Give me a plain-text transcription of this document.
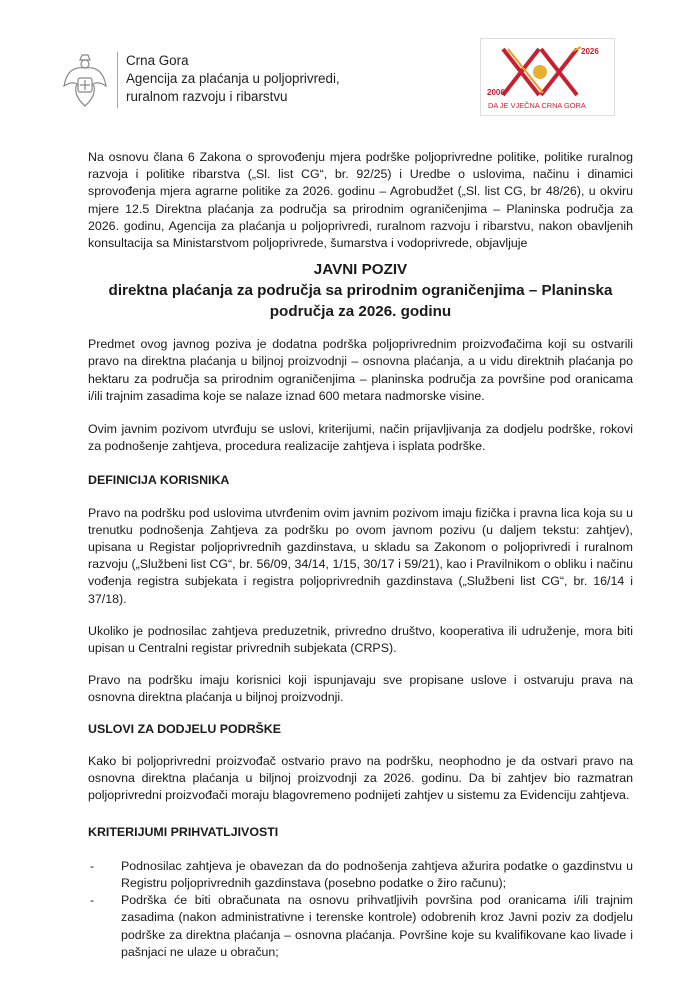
Crna Gora
Agencija za plaćanja u poljoprivredi,
ruralnom razvoju i ribarstvu
2026
2006
DA JE VJEČNA CRNA GORA

Na osnovu člana 6 Zakona o sprovođenju mjera podrške poljoprivredne politike, politike ruralnog razvoja i politike ribarstva („Sl. list CG“, br. 92/25) i Uredbe o uslovima, načinu i dinamici sprovođenja mjera agrarne politike za 2026. godinu – Agrobudžet („Sl. list CG, br 48/26), u okviru mjere 12.5 Direktna plaćanja za područja sa prirodnim ograničenjima – Planinska područja za 2026. godinu, Agencija za plaćanja u poljoprivredi, ruralnom razvoju i ribarstvu, nakon obavljenih konsultacija sa Ministarstvom poljoprivrede, šumarstva i vodoprivrede, objavljuje

JAVNI POZIV

direktna plaćanja za područja sa prirodnim ograničenjima – Planinska

područja za 2026. godinu

Predmet ovog javnog poziva je dodatna podrška poljoprivrednim proizvođačima koji su ostvarili pravo na direktna plaćanja u biljnoj proizvodnji – osnovna plaćanja, a u vidu direktnih plaćanja po hektaru za područja sa prirodnim ograničenjima – planinska područja za površine pod oranicama i/ili trajnim zasadima koje se nalaze iznad 600 metara nadmorske visine.

Ovim javnim pozivom utvrđuju se uslovi, kriterijumi, način prijavljivanja za dodjelu podrške, rokovi za podnošenje zahtjeva, procedura realizacije zahtjeva i isplata podrške.

DEFINICIJA KORISNIKA

Pravo na podršku pod uslovima utvrđenim ovim javnim pozivom imaju fizička i pravna lica koja su u trenutku podnošenja Zahtjeva za podršku po ovom javnom pozivu (u daljem tekstu: zahtjev), upisana u Registar poljoprivrednih gazdinstava, u skladu sa Zakonom o poljoprivredi i ruralnom razvoju („Službeni list CG“, br. 56/09, 34/14, 1/15, 30/17 i 59/21), kao i Pravilnikom o obliku i načinu vođenja registra subjekata i registra poljoprivrednih gazdinstava („Službeni list CG“, br. 16/14 i 37/18).

Ukoliko je podnosilac zahtjeva preduzetnik, privredno društvo, kooperativa ili udruženje, mora biti upisan u Centralni registar privrednih subjekata (CRPS).

Pravo na podršku imaju korisnici koji ispunjavaju sve propisane uslove i ostvaruju prava na osnovna direktna plaćanja u biljnoj proizvodnji.

USLOVI ZA DODJELU PODRŠKE

Kako bi poljoprivredni proizvođač ostvario pravo na podršku, neophodno je da ostvari pravo na osnovna direktna plaćanja u biljnoj proizvodnji za 2026. godinu. Da bi zahtjev bio razmatran poljoprivredni proizvođači moraju blagovremeno podnijeti zahtjev u sistemu za Evidenciju zahtjeva.

KRITERIJUMI PRIHVATLJIVOSTI

- Podnosilac zahtjeva je obavezan da do podnošenja zahtjeva ažurira podatke o gazdinstvu u Registru poljoprivrednih gazdinstava (posebno podatke o žiro računu);
- Podrška će biti obračunata na osnovu prihvatljivih površina pod oranicama i/ili trajnim zasadima (nakon administrativne i terenske kontrole) odobrenih kroz Javni poziv za dodjelu podrške za direktna plaćanja – osnovna plaćanja. Površine koje su kvalifikovane kao livade i pašnjaci ne ulaze u obračun;
